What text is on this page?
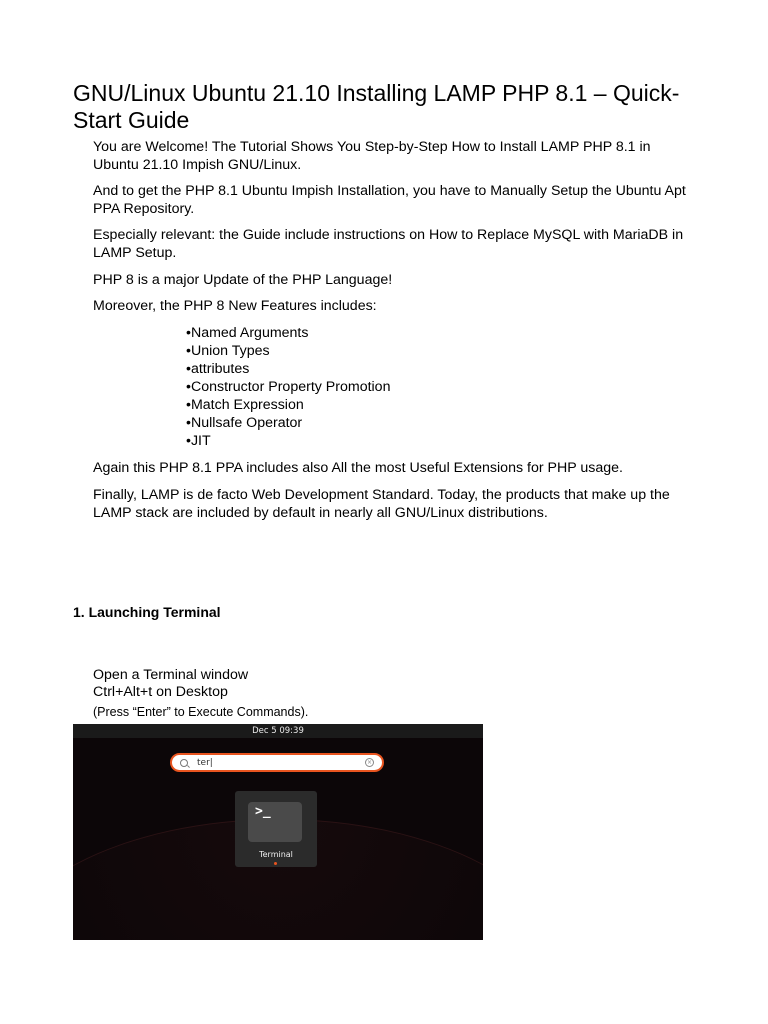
GNU/Linux Ubuntu 21.10 Installing LAMP PHP 8.1 – Quick-Start Guide

You are Welcome! The Tutorial Shows You Step-by-Step How to Install LAMP PHP 8.1 in Ubuntu 21.10 Impish GNU/Linux.

And to get the PHP 8.1 Ubuntu Impish Installation, you have to Manually Setup the Ubuntu Apt PPA Repository.

Especially relevant: the Guide include instructions on How to Replace MySQL with MariaDB in LAMP Setup.

PHP 8 is a major Update of the PHP Language!

Moreover, the PHP 8 New Features includes:

•Named Arguments
•Union Types
•attributes
•Constructor Property Promotion
•Match Expression
•Nullsafe Operator
•JIT

Again this PHP 8.1 PPA includes also All the most Useful Extensions for PHP usage.

Finally, LAMP is de facto Web Development Standard. Today, the products that make up the LAMP stack are included by default in nearly all GNU/Linux distributions.

1. Launching Terminal

Open a Terminal window

Ctrl+Alt+t on Desktop

(Press “Enter” to Execute Commands).

Dec 5 09:39
ter|	×
>_
Terminal
